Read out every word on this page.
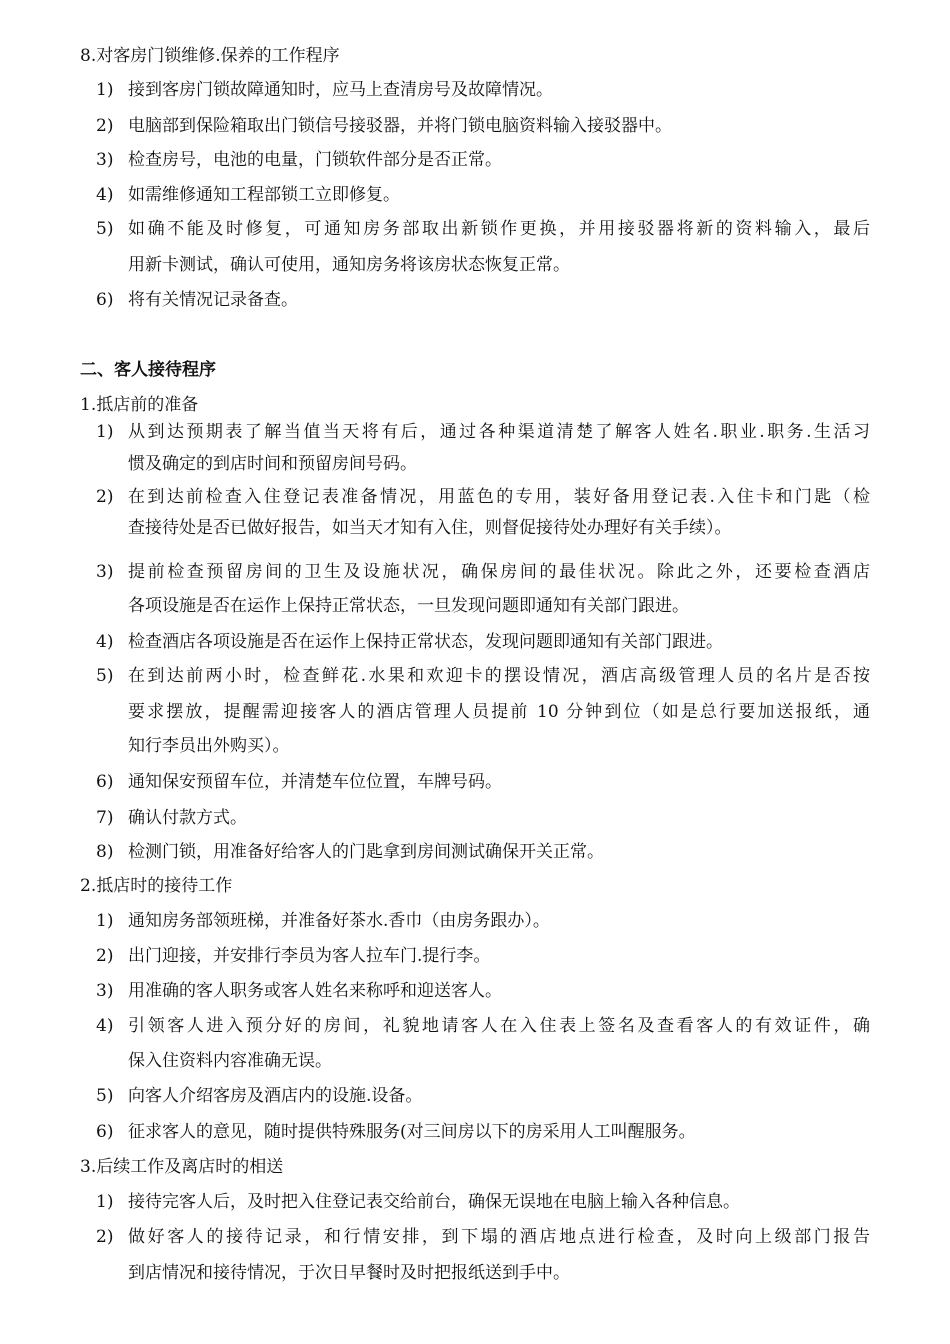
8.对客房门锁维修.保养的工作程序

1) 接到客房门锁故障通知时，应马上查清房号及故障情况。
2) 电脑部到保险箱取出门锁信号接驳器，并将门锁电脑资料输入接驳器中。
3) 检查房号，电池的电量，门锁软件部分是否正常。
4) 如需维修通知工程部锁工立即修复。
5) 如确不能及时修复，可通知房务部取出新锁作更换，并用接驳器将新的资料输入，最后
用新卡测试，确认可使用，通知房务将该房状态恢复正常。
6) 将有关情况记录备查。

二、客人接待程序

1.抵店前的准备

1) 从到达预期表了解当值当天将有后，通过各种渠道清楚了解客人姓名.职业.职务.生活习
惯及确定的到店时间和预留房间号码。
2) 在到达前检查入住登记表准备情况，用蓝色的专用，装好备用登记表.入住卡和门匙（检
查接待处是否已做好报告，如当天才知有入住，则督促接待处办理好有关手续）。
3) 提前检查预留房间的卫生及设施状况，确保房间的最佳状况。除此之外，还要检查酒店
各项设施是否在运作上保持正常状态，一旦发现问题即通知有关部门跟进。
4) 检查酒店各项设施是否在运作上保持正常状态，发现问题即通知有关部门跟进。
5) 在到达前两小时，检查鲜花.水果和欢迎卡的摆设情况，酒店高级管理人员的名片是否按
要求摆放，提醒需迎接客人的酒店管理人员提前 10 分钟到位（如是总行要加送报纸，通
知行李员出外购买）。
6) 通知保安预留车位，并清楚车位位置，车牌号码。
7) 确认付款方式。
8) 检测门锁，用准备好给客人的门匙拿到房间测试确保开关正常。

2.抵店时的接待工作

1) 通知房务部领班梯，并准备好茶水.香巾（由房务跟办）。
2) 出门迎接，并安排行李员为客人拉车门.提行李。
3) 用准确的客人职务或客人姓名来称呼和迎送客人。
4) 引领客人进入预分好的房间，礼貌地请客人在入住表上签名及查看客人的有效证件，确
保入住资料内容准确无误。
5) 向客人介绍客房及酒店内的设施.设备。
6) 征求客人的意见，随时提供特殊服务(对三间房以下的房采用人工叫醒服务。

3.后续工作及离店时的相送

1) 接待完客人后，及时把入住登记表交给前台，确保无误地在电脑上输入各种信息。
2) 做好客人的接待记录，和行情安排，到下塌的酒店地点进行检查，及时向上级部门报告
到店情况和接待情况，于次日早餐时及时把报纸送到手中。
